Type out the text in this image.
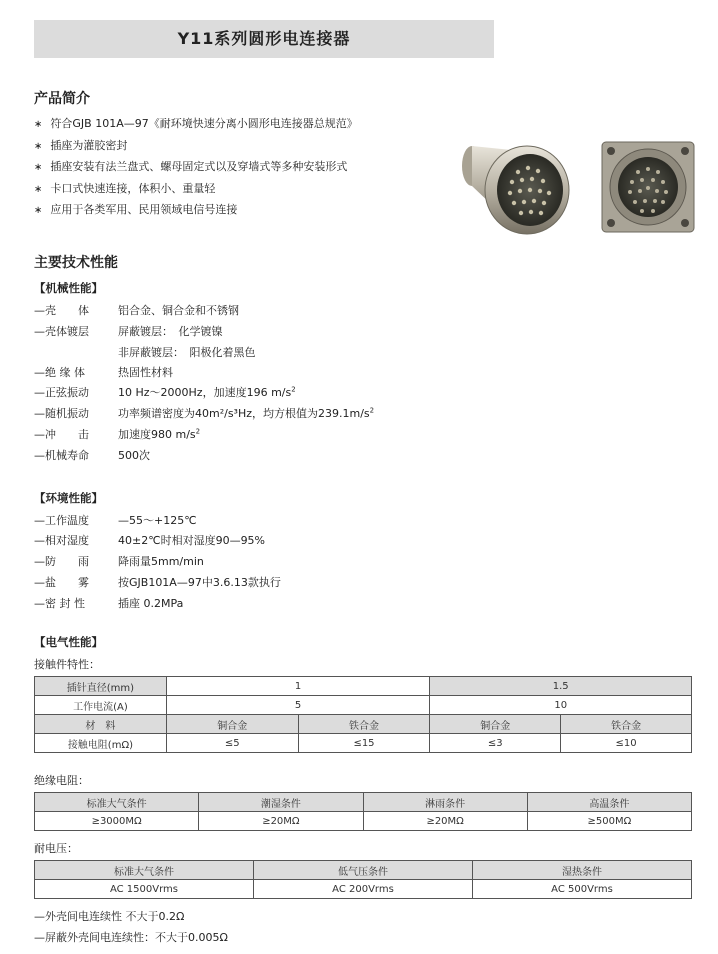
Y11系列圆形电连接器
产品简介
∗ 符合GJB 101A—97《耐环境快速分离小圆形电连接器总规范》
∗ 插座为灌胶密封
∗ 插座安装有法兰盘式、螺母固定式以及穿墙式等多种安装形式
∗ 卡口式快速连接，体积小、重量轻
∗ 应用于各类军用、民用领域电信号连接
主要技术性能
【机械性能】
—壳　　体	铝合金、铜合金和不锈钢
—壳体镀层	屏蔽镀层：　化学镀镍
非屏蔽镀层：　阳极化着黑色
—绝 缘 体	热固性材料
—正弦振动	10 Hz～2000Hz，加速度196 $m/s^2$
—随机振动	功率频谱密度为40m²/s³Hz，均方根值为$239.1m/s^2$
—冲　　击	加速度980 $m/s^2$
—机械寿命	500次
【环境性能】
—工作温度	—55～+125℃
—相对湿度	40±2℃时相对湿度90—95%
—防　　雨	降雨量5mm/min
—盐　　雾	按GJB101A—97中3.6.13款执行
—密 封 性	插座 0.2MPa
【电气性能】
接触件特性：
插针直径(mm)	1		1.5	
工作电流(A)	5		10	
材　料	铜合金	铁合金	铜合金	铁合金
接触电阻(mΩ)	≤5	≤15	≤3	≤10
绝缘电阻：
标准大气条件	潮湿条件	淋雨条件	高温条件
≥3000MΩ	≥20MΩ	≥20MΩ	≥500MΩ
耐电压：
标准大气条件	低气压条件	湿热条件
AC 1500Vrms	AC 200Vrms	AC 500Vrms
—外壳间电连续性 不大于0.2Ω
—屏蔽外壳间电连续性：不大于0.005Ω
